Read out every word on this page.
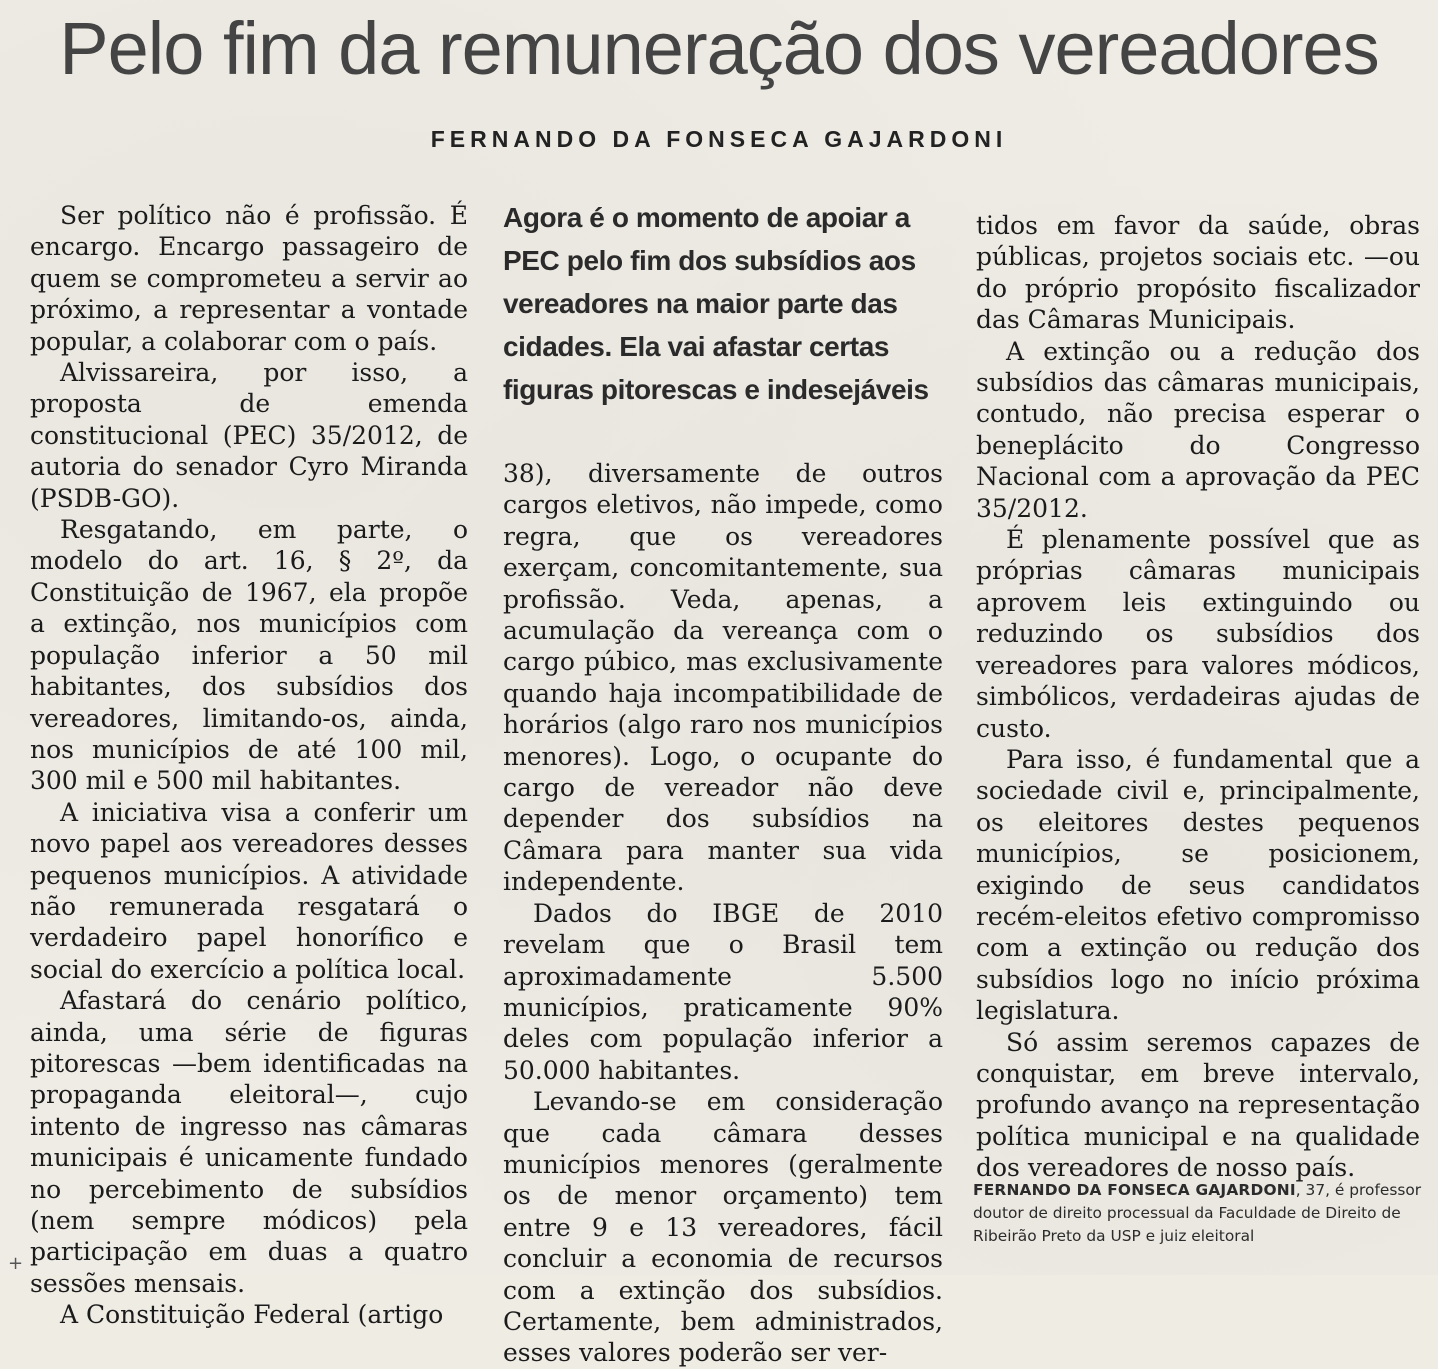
Pelo fim da remuneração dos vereadores
FERNANDO DA FONSECA GAJARDONI

Ser político não é profissão. É encargo. Encargo passageiro de quem se comprometeu a servir ao próximo, a representar a vontade popular, a colaborar com o país.

Alvissareira, por isso, a proposta de emenda constitucional (PEC) 35/2012, de autoria do senador Cyro Miranda (PSDB-GO).

Resgatando, em parte, o modelo do art. 16, § 2º, da Constituição de 1967, ela propõe a extinção, nos municípios com população inferior a 50 mil habitantes, dos subsídios dos vereadores, limitando-os, ainda, nos municípios de até 100 mil, 300 mil e 500 mil habitantes.

A iniciativa visa a conferir um novo papel aos vereadores desses pequenos municípios. A atividade não remunerada resgatará o verdadeiro papel honorífico e social do exercício a política local.

Afastará do cenário político, ainda, uma série de figuras pitorescas —bem identificadas na propaganda eleitoral—, cujo intento de ingresso nas câmaras municipais é unicamente fundado no percebimento de subsídios (nem sempre módicos) pela participação em duas a quatro sessões mensais.

A Constituição Federal (artigo

Agora é o momento de apoiar a PEC pelo fim dos subsídios aos vereadores na maior parte das cidades. Ela vai afastar certas figuras pitorescas e indesejáveis

38), diversamente de outros cargos eletivos, não impede, como regra, que os vereadores exerçam, concomitantemente, sua profissão. Veda, apenas, a acumulação da vereança com o cargo púbico, mas exclusivamente quando haja incompatibilidade de horários (algo raro nos municípios menores). Logo, o ocupante do cargo de vereador não deve depender dos subsídios na Câmara para manter sua vida independente.

Dados do IBGE de 2010 revelam que o Brasil tem aproximadamente 5.500 municípios, praticamente 90% deles com população inferior a 50.000 habitantes.

Levando-se em consideração que cada câmara desses municípios menores (geralmente os de menor orçamento) tem entre 9 e 13 vereadores, fácil concluir a economia de recursos com a extinção dos subsídios. Certamente, bem administrados, esses valores poderão ser ver-

tidos em favor da saúde, obras públicas, projetos sociais etc. —ou do próprio propósito fiscalizador das Câmaras Municipais.

A extinção ou a redução dos subsídios das câmaras municipais, contudo, não precisa esperar o beneplácito do Congresso Nacional com a aprovação da PEC 35/2012.

É plenamente possível que as próprias câmaras municipais aprovem leis extinguindo ou reduzindo os subsídios dos vereadores para valores módicos, simbólicos, verdadeiras ajudas de custo.

Para isso, é fundamental que a sociedade civil e, principalmente, os eleitores destes pequenos municípios, se posicionem, exigindo de seus candidatos recém-eleitos efetivo compromisso com a extinção ou redução dos subsídios logo no início próxima legislatura.

Só assim seremos capazes de conquistar, em breve intervalo, profundo avanço na representação política municipal e na qualidade dos vereadores de nosso país.

FERNANDO DA FONSECA GAJARDONI, 37, é professor doutor de direito processual da Faculdade de Direito de Ribeirão Preto da USP e juiz eleitoral

+
